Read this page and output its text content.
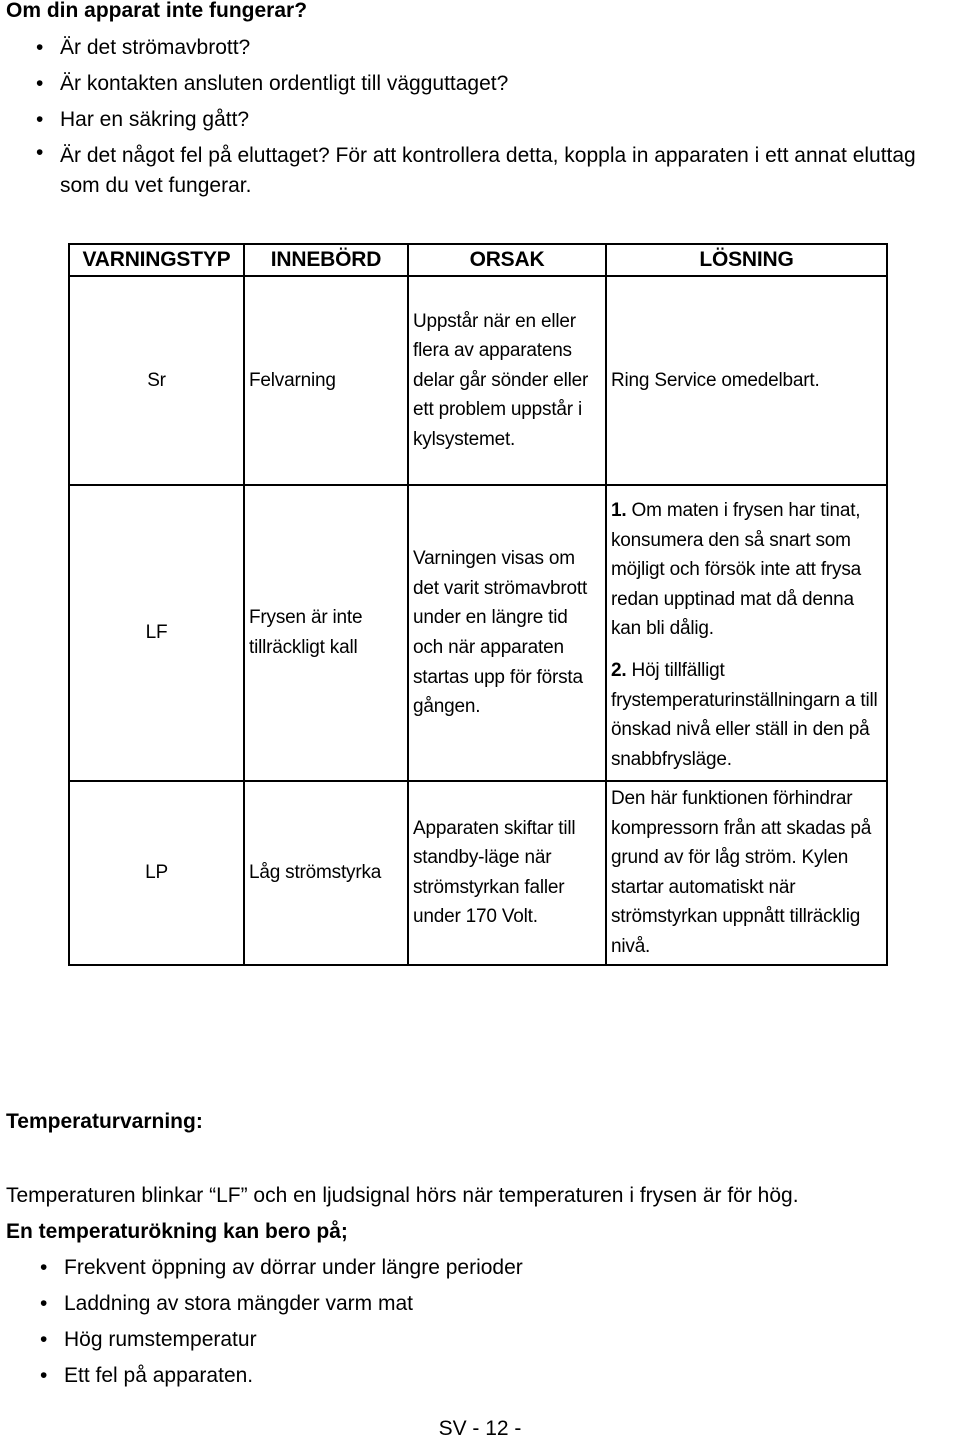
Om din apparat inte fungerar?
• Är det strömavbrott?
• Är kontakten ansluten ordentligt till vägguttaget?
• Har en säkring gått?
• Är det något fel på eluttaget? För att kontrollera detta, koppla in apparaten i ett annat eluttag som du vet fungerar.
VARNINGSTYP	INNEBÖRD	ORSAK	LÖSNING
Sr	Felvarning	Uppstår när en eller flera av apparatens delar går sönder eller ett problem uppstår i kylsystemet.	Ring Service omedelbart.
LF	Frysen är inte tillräckligt kall	Varningen visas om det varit strömavbrott under en längre tid och när apparaten startas upp för första gången.	1. Om maten i frysen har tinat, konsumera den så snart som möjligt och försök inte att frysa redan upptinad mat då denna kan bli dålig.

2. Höj tillfälligt frystemperaturinställningarn a till önskad nivå eller ställ in den på snabbfrysläge.

LP	Låg strömstyrka	Apparaten skiftar till standby-läge när strömstyrkan faller under 170 Volt.	Den här funktionen förhindrar kompressorn från att skadas på grund av för låg ström. Kylen startar automatiskt när strömstyrkan uppnått tillräcklig nivå.
Temperaturvarning:

Temperaturen blinkar “LF” och en ljudsignal hörs när temperaturen i frysen är för hög.

En temperaturökning kan bero på;

• Frekvent öppning av dörrar under längre perioder
• Laddning av stora mängder varm mat
• Hög rumstemperatur
• Ett fel på apparaten.
SV - 12 -
